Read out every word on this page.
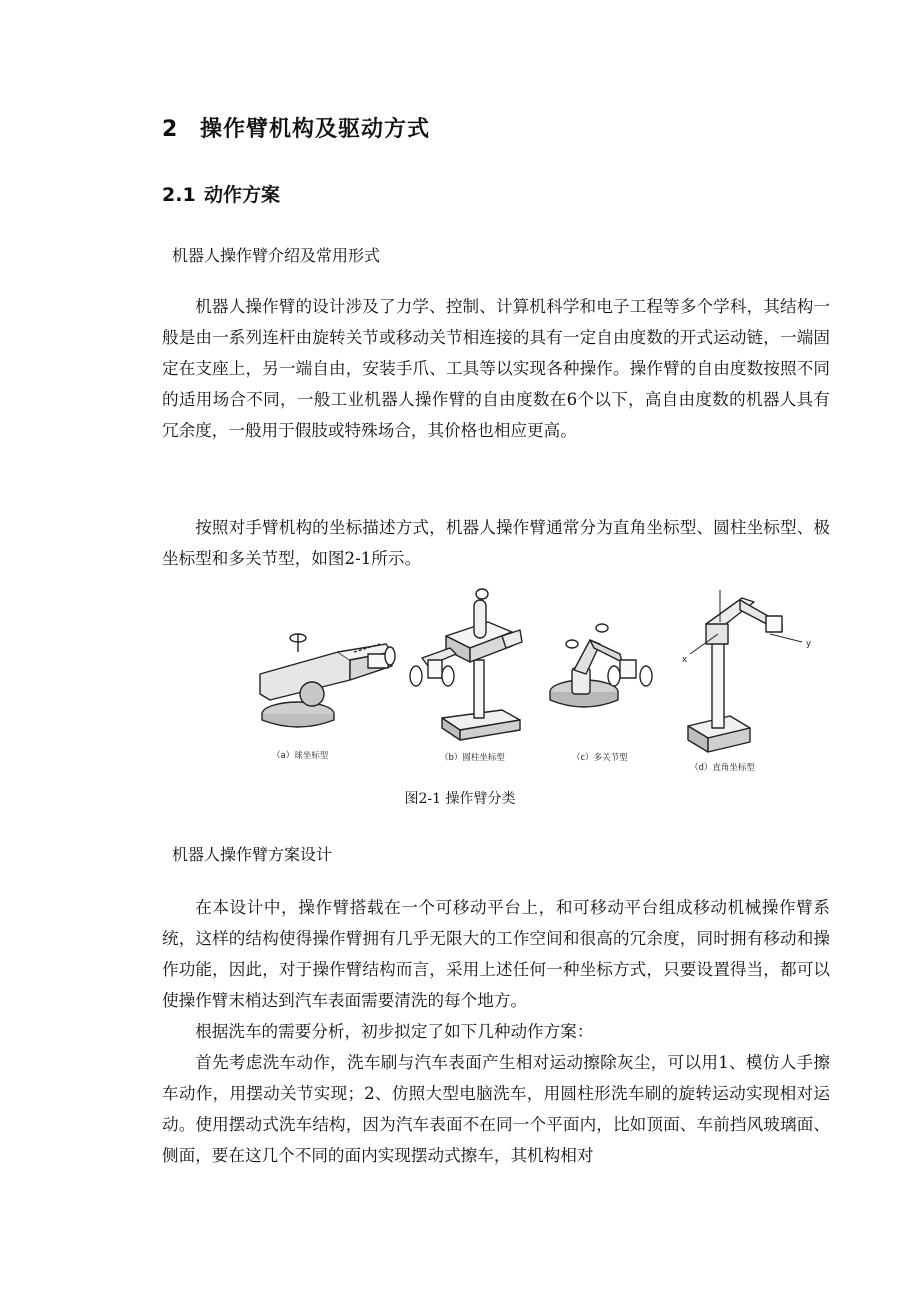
2 操作臂机构及驱动方式
2.1 动作方案
机器人操作臂介绍及常用形式

机器人操作臂的设计涉及了力学、控制、计算机科学和电子工程等多个学科，其结构一般是由一系列连杆由旋转关节或移动关节相连接的具有一定自由度数的开式运动链，一端固定在支座上，另一端自由，安装手爪、工具等以实现各种操作。操作臂的自由度数按照不同的适用场合不同，一般工业机器人操作臂的自由度数在6个以下，高自由度数的机器人具有冗余度，一般用于假肢或特殊场合，其价格也相应更高。

按照对手臂机构的坐标描述方式，机器人操作臂通常分为直角坐标型、圆柱坐标型、极坐标型和多关节型，如图2-1所示。

x
y
（a）球坐标型	（b）圆柱坐标型	（c）多关节型
（d）直角坐标型
图2-1 操作臂分类
机器人操作臂方案设计

在本设计中，操作臂搭载在一个可移动平台上，和可移动平台组成移动机械操作臂系统，这样的结构使得操作臂拥有几乎无限大的工作空间和很高的冗余度，同时拥有移动和操作功能，因此，对于操作臂结构而言，采用上述任何一种坐标方式，只要设置得当，都可以使操作臂末梢达到汽车表面需要清洗的每个地方。

根据洗车的需要分析，初步拟定了如下几种动作方案：

首先考虑洗车动作，洗车刷与汽车表面产生相对运动擦除灰尘，可以用1、模仿人手擦车动作，用摆动关节实现；2、仿照大型电脑洗车，用圆柱形洗车刷的旋转运动实现相对运动。使用摆动式洗车结构，因为汽车表面不在同一个平面内，比如顶面、车前挡风玻璃面、侧面，要在这几个不同的面内实现摆动式擦车，其机构相对
